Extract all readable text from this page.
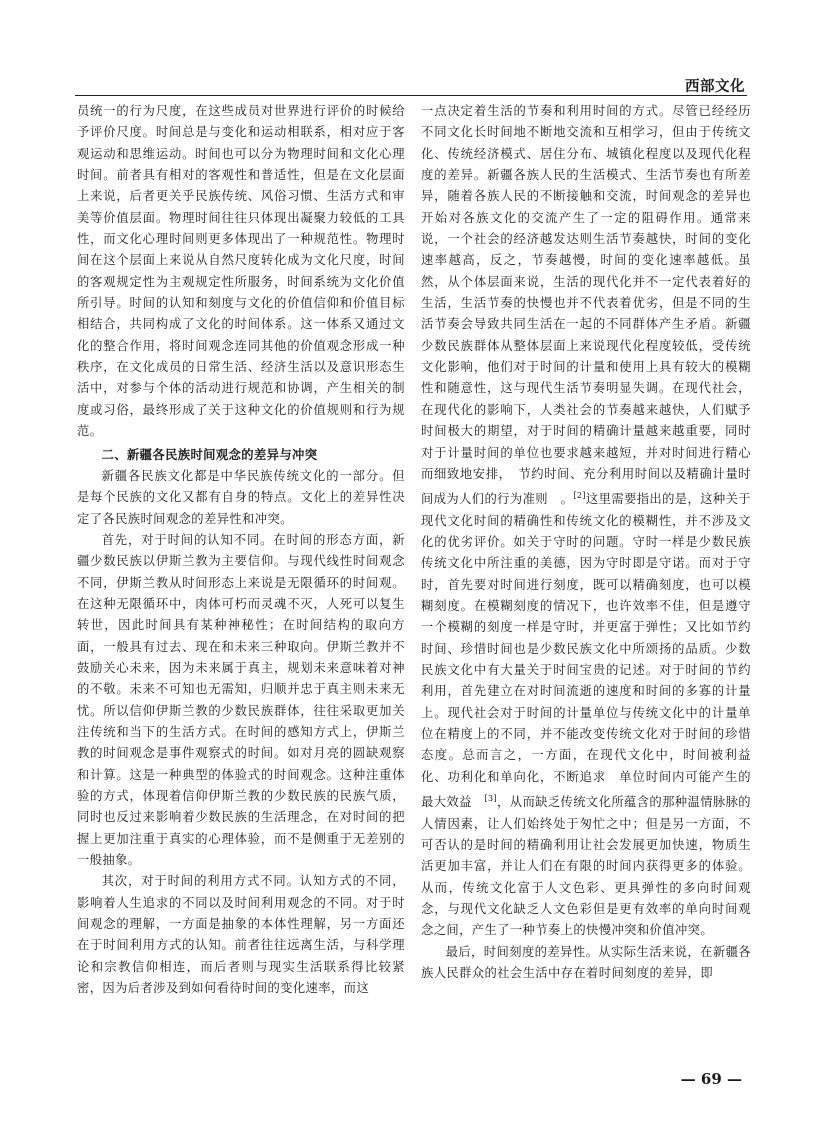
西部文化

员统一的行为尺度，在这些成员对世界进行评价的时候给予评价尺度。时间总是与变化和运动相联系，相对应于客观运动和思维运动。时间也可以分为物理时间和文化心理时间。前者具有相对的客观性和普适性，但是在文化层面上来说，后者更关乎民族传统、风俗习惯、生活方式和审美等价值层面。物理时间往往只体现出凝聚力较低的工具性，而文化心理时间则更多体现出了一种规范性。物理时间在这个层面上来说从自然尺度转化成为文化尺度，时间的客观规定性为主观规定性所服务，时间系统为文化价值所引导。时间的认知和刻度与文化的价值信仰和价值目标相结合，共同构成了文化的时间体系。这一体系又通过文化的整合作用，将时间观念连同其他的价值观念形成一种秩序，在文化成员的日常生活、经济生活以及意识形态生活中，对参与个体的活动进行规范和协调，产生相关的制度或习俗，最终形成了关于这种文化的价值规则和行为规范。

二、新疆各民族时间观念的差异与冲突

新疆各民族文化都是中华民族传统文化的一部分。但是每个民族的文化又都有自身的特点。文化上的差异性决定了各民族时间观念的差异性和冲突。

首先，对于时间的认知不同。在时间的形态方面，新疆少数民族以伊斯兰教为主要信仰。与现代线性时间观念不同，伊斯兰教从时间形态上来说是无限循环的时间观。在这种无限循环中，肉体可朽而灵魂不灭，人死可以复生转世，因此时间具有某种神秘性；在时间结构的取向方面，一般具有过去、现在和未来三种取向。伊斯兰教并不鼓励关心未来，因为未来属于真主，规划未来意味着对神的不敬。未来不可知也无需知，归顺并忠于真主则未来无忧。所以信仰伊斯兰教的少数民族群体，往往采取更加关注传统和当下的生活方式。在时间的感知方式上，伊斯兰教的时间观念是事件观察式的时间。如对月亮的圆缺观察和计算。这是一种典型的体验式的时间观念。这种注重体验的方式，体现着信仰伊斯兰教的少数民族的民族气质，同时也反过来影响着少数民族的生活理念，在对时间的把握上更加注重于真实的心理体验，而不是侧重于无差别的一般抽象。

其次，对于时间的利用方式不同。认知方式的不同，影响着人生追求的不同以及时间利用观念的不同。对于时间观念的理解，一方面是抽象的本体性理解，另一方面还在于时间利用方式的认知。前者往往远离生活，与科学理论和宗教信仰相连，而后者则与现实生活联系得比较紧密，因为后者涉及到如何看待时间的变化速率，而这

一点决定着生活的节奏和利用时间的方式。尽管已经经历不同文化长时间地不断地交流和互相学习，但由于传统文化、传统经济模式、居住分布、城镇化程度以及现代化程度的差异。新疆各族人民的生活模式、生活节奏也有所差异，随着各族人民的不断接触和交流，时间观念的差异也开始对各族文化的交流产生了一定的阻碍作用。通常来说，一个社会的经济越发达则生活节奏越快，时间的变化速率越高，反之，节奏越慢，时间的变化速率越低。虽然，从个体层面来说，生活的现代化并不一定代表着好的生活，生活节奏的快慢也并不代表着优劣，但是不同的生活节奏会导致共同生活在一起的不同群体产生矛盾。新疆少数民族群体从整体层面上来说现代化程度较低，受传统文化影响，他们对于时间的计量和使用上具有较大的模糊性和随意性，这与现代生活节奏明显失调。在现代社会，在现代化的影响下，人类社会的节奏越来越快，人们赋予时间极大的期望，对于时间的精确计量越来越重要，同时对于计量时间的单位也要求越来越短，并对时间进行精心而细致地安排，　节约时间、充分利用时间以及精确计量时间成为人们的行为准则　。[2]这里需要指出的是，这种关于现代文化时间的精确性和传统文化的模糊性，并不涉及文化的优劣评价。如关于守时的问题。守时一样是少数民族传统文化中所注重的美德，因为守时即是守诺。而对于守时，首先要对时间进行刻度，既可以精确刻度，也可以模糊刻度。在模糊刻度的情况下，也许效率不佳，但是遵守一个模糊的刻度一样是守时，并更富于弹性；又比如节约时间、珍惜时间也是少数民族文化中所颂扬的品质。少数民族文化中有大量关于时间宝贵的记述。对于时间的节约利用，首先建立在对时间流逝的速度和时间的多寡的计量上。现代社会对于时间的计量单位与传统文化中的计量单位在精度上的不同，并不能改变传统文化对于时间的珍惜态度。总而言之，一方面，在现代文化中，时间被利益化、功利化和单向化，不断追求　单位时间内可能产生的最大效益　[3]，从而缺乏传统文化所蕴含的那种温情脉脉的人情因素，让人们始终处于匆忙之中；但是另一方面，不可否认的是时间的精确利用让社会发展更加快速，物质生活更加丰富，并让人们在有限的时间内获得更多的体验。从而，传统文化富于人文色彩、更具弹性的多向时间观念，与现代文化缺乏人文色彩但是更有效率的单向时间观念之间，产生了一种节奏上的快慢冲突和价值冲突。

最后，时间刻度的差异性。从实际生活来说，在新疆各族人民群众的社会生活中存在着时间刻度的差异，即

— 69 —
